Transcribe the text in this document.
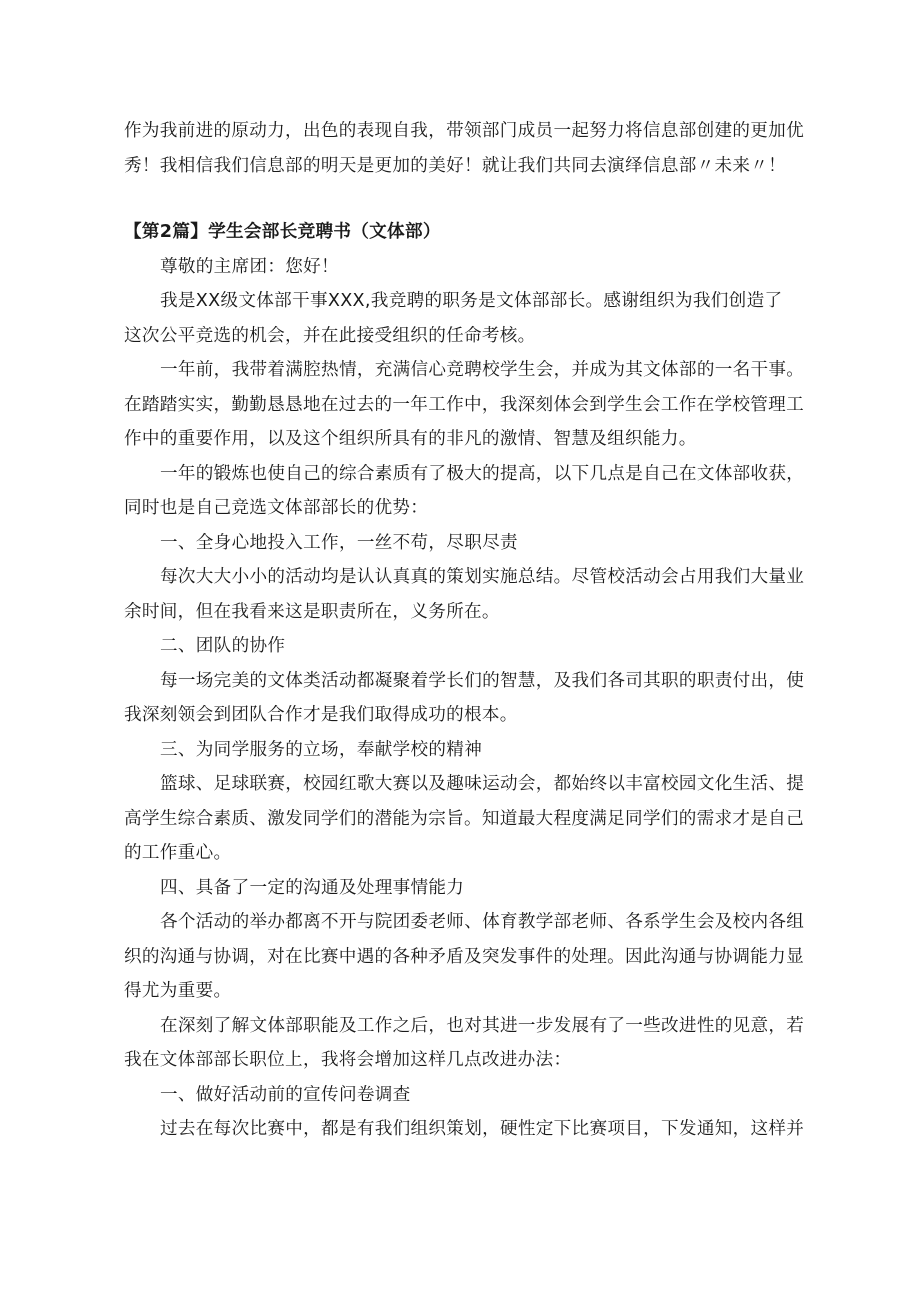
作为我前进的原动力，出色的表现自我，带领部门成员一起努力将信息部创建的更加优

秀！我相信我们信息部的明天是更加的美好！就让我们共同去演绎信息部〃未来〃！

【第2篇】学生会部长竞聘书（文体部）

尊敬的主席团：您好！

我是XX级文体部干事XXX,我竞聘的职务是文体部部长。感谢组织为我们创造了

这次公平竞选的机会，并在此接受组织的任命考核。

一年前，我带着满腔热情，充满信心竞聘校学生会，并成为其文体部的一名干事。

在踏踏实实，勤勤恳恳地在过去的一年工作中，我深刻体会到学生会工作在学校管理工

作中的重要作用，以及这个组织所具有的非凡的激情、智慧及组织能力。

一年的锻炼也使自己的综合素质有了极大的提高，以下几点是自己在文体部收获，

同时也是自己竞选文体部部长的优势：

一、全身心地投入工作，一丝不苟，尽职尽责

每次大大小小的活动均是认认真真的策划实施总结。尽管校活动会占用我们大量业

余时间，但在我看来这是职责所在，义务所在。

二、团队的协作

每一场完美的文体类活动都凝聚着学长们的智慧，及我们各司其职的职责付出，使

我深刻领会到团队合作才是我们取得成功的根本。

三、为同学服务的立场，奉献学校的精神

篮球、足球联赛，校园红歌大赛以及趣味运动会，都始终以丰富校园文化生活、提

高学生综合素质、激发同学们的潜能为宗旨。知道最大程度满足同学们的需求才是自己

的工作重心。

四、具备了一定的沟通及处理事情能力

各个活动的举办都离不开与院团委老师、体育教学部老师、各系学生会及校内各组

织的沟通与协调，对在比赛中遇的各种矛盾及突发事件的处理。因此沟通与协调能力显

得尤为重要。

在深刻了解文体部职能及工作之后，也对其进一步发展有了一些改进性的见意，若

我在文体部部长职位上，我将会增加这样几点改进办法：

一、做好活动前的宣传问卷调查

过去在每次比赛中，都是有我们组织策划，硬性定下比赛项目，下发通知，这样并
